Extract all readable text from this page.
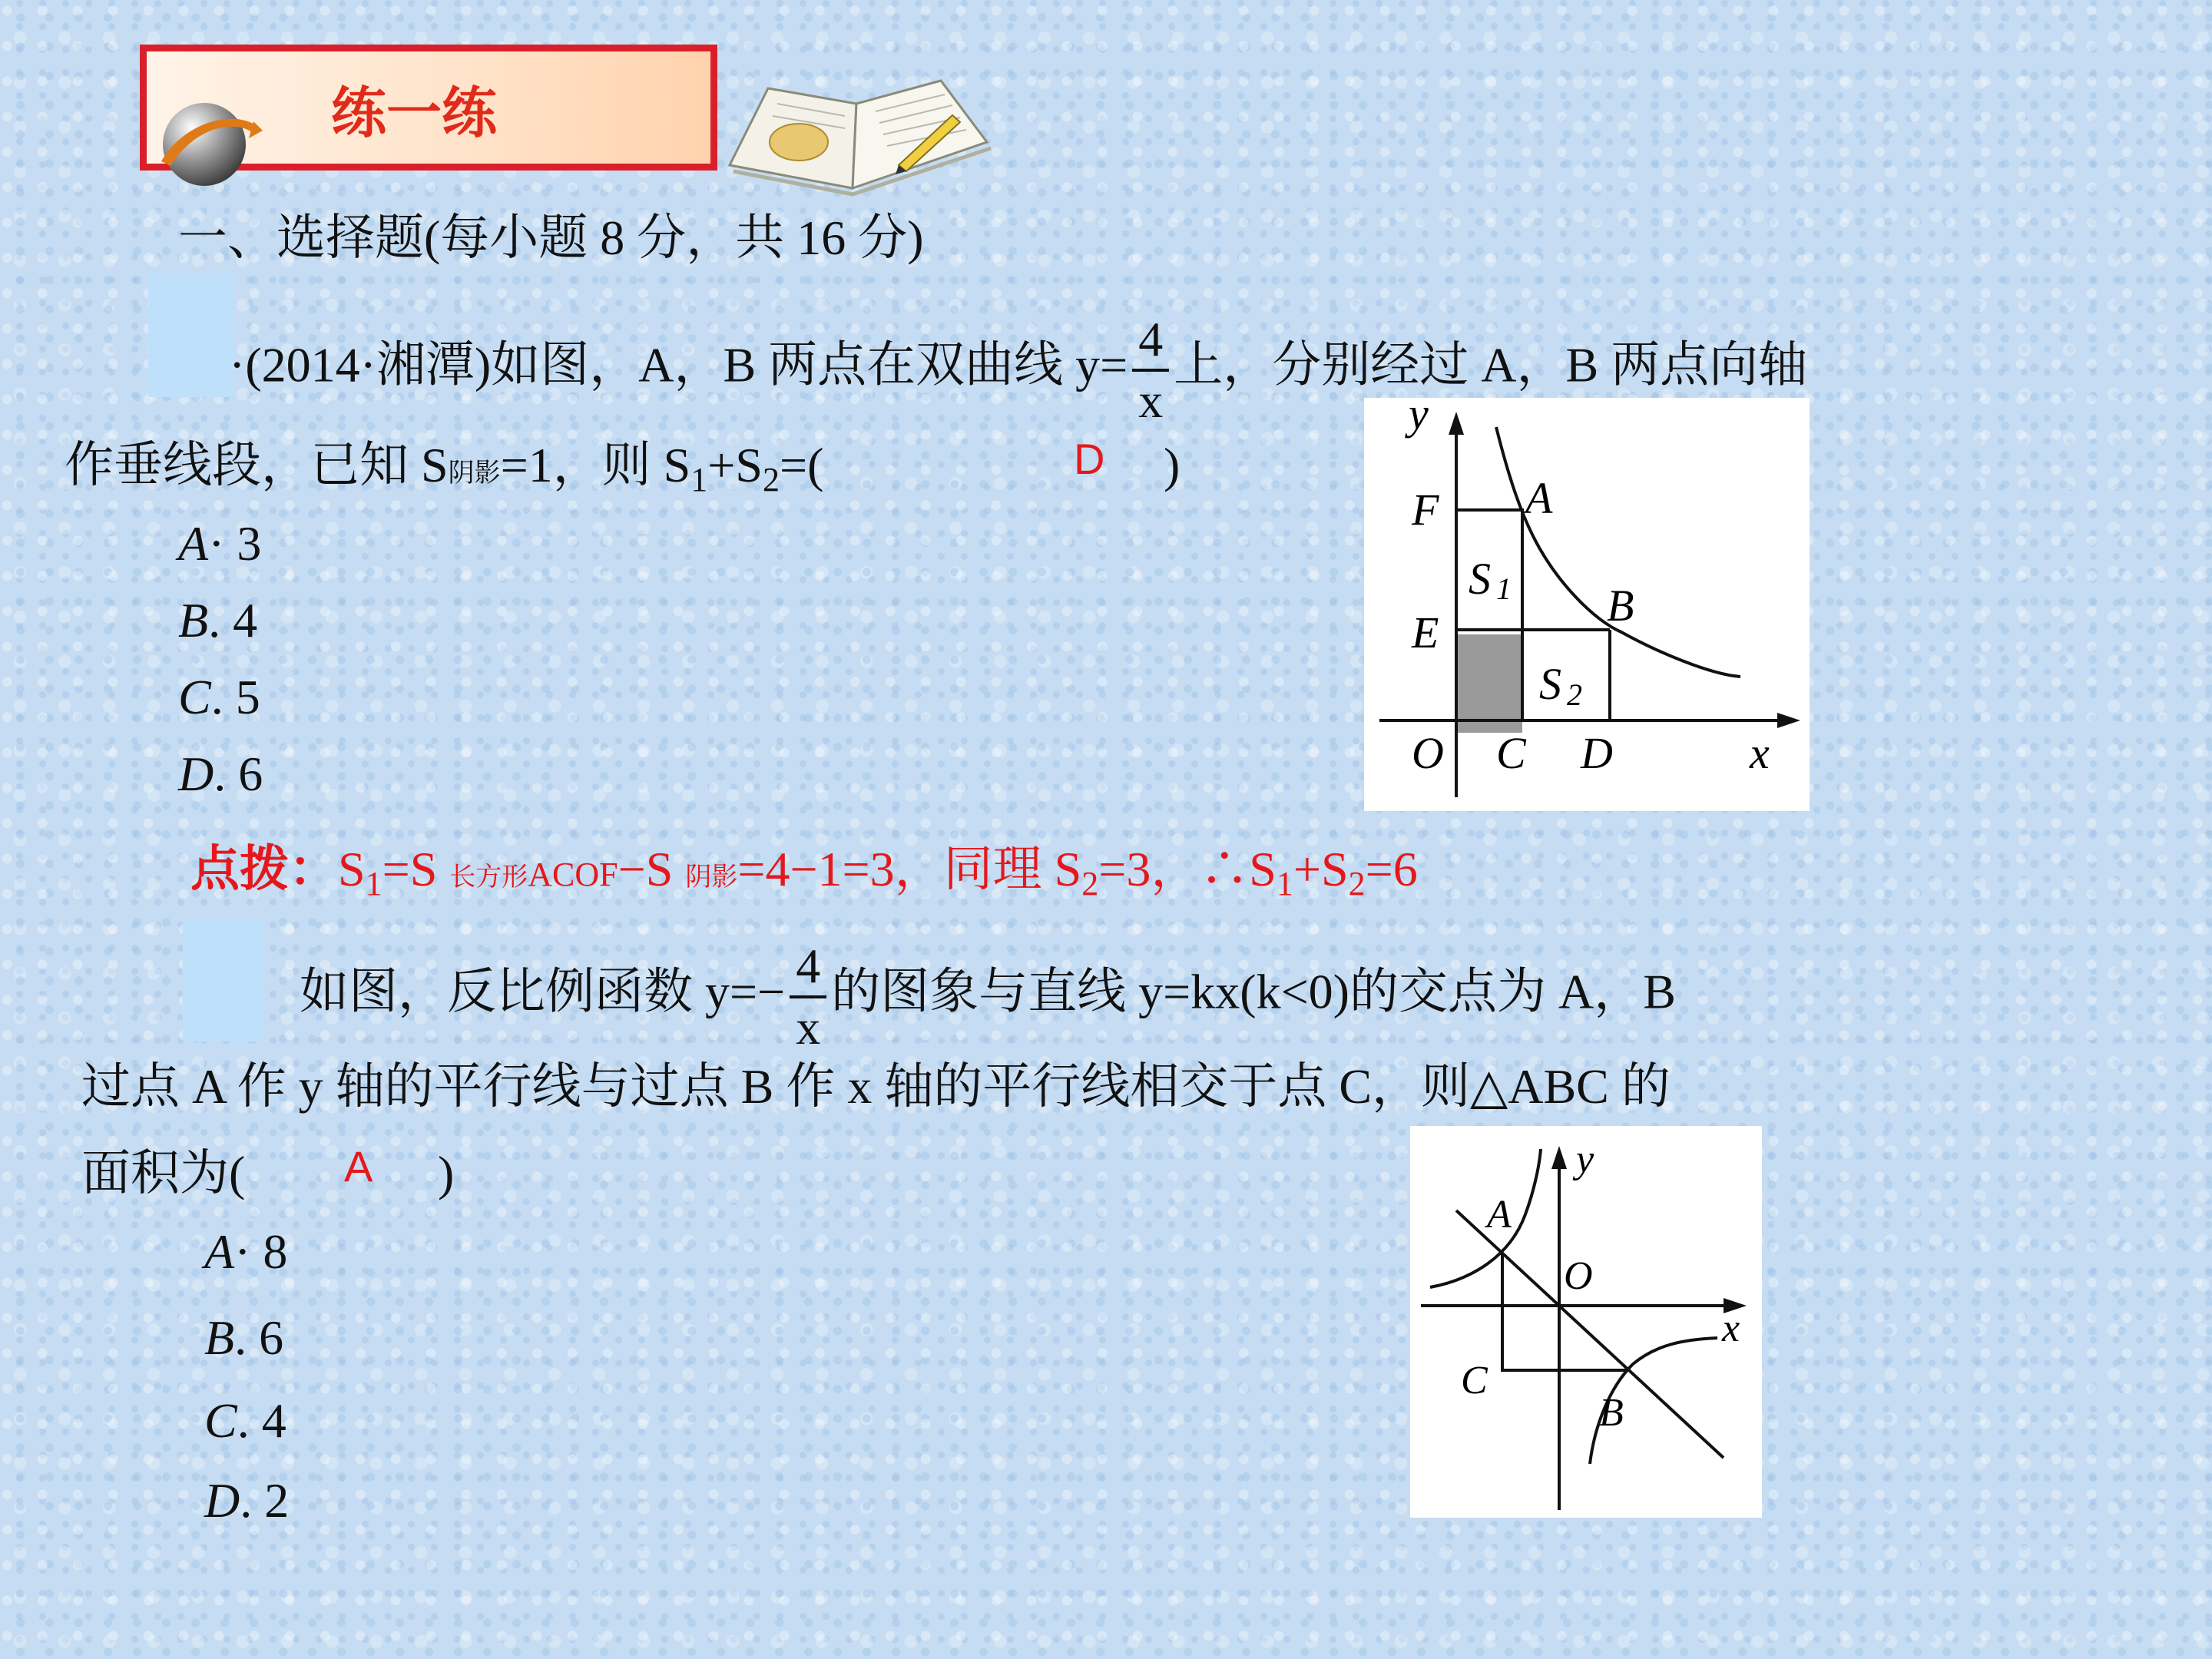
练一练
一、选择题(每小题 8 分，共 16 分)
·(2014·湘潭)如图，A，B 两点在双曲线 $y= \frac{4}{x}$ 上，分别经过 A，B 两点向轴
作垂线段，已知 S阴影=1，则 $S_1+S_2=$(	D )
A· 3
B. 4
C. 5
D. 6
y
F A
S 1 B
E
S 2
O C D	x
点拨：$S_1=S$ 长方形ACOF−S 阴影=4−1=3，同理 $S_2=3$，$\therefore S_1+S_2=6$
如图，反比例函数 $y=- \frac{4}{x}$ 的图象与直线 y=kx(k<0)的交点为 A，B
过点 A 作 y 轴的平行线与过点 B 作 x 轴的平行线相交于点 C，则△ABC 的
面积为( A )
A· 8
B. 6
C. 4
D. 2
y
A
O
x
C
B
